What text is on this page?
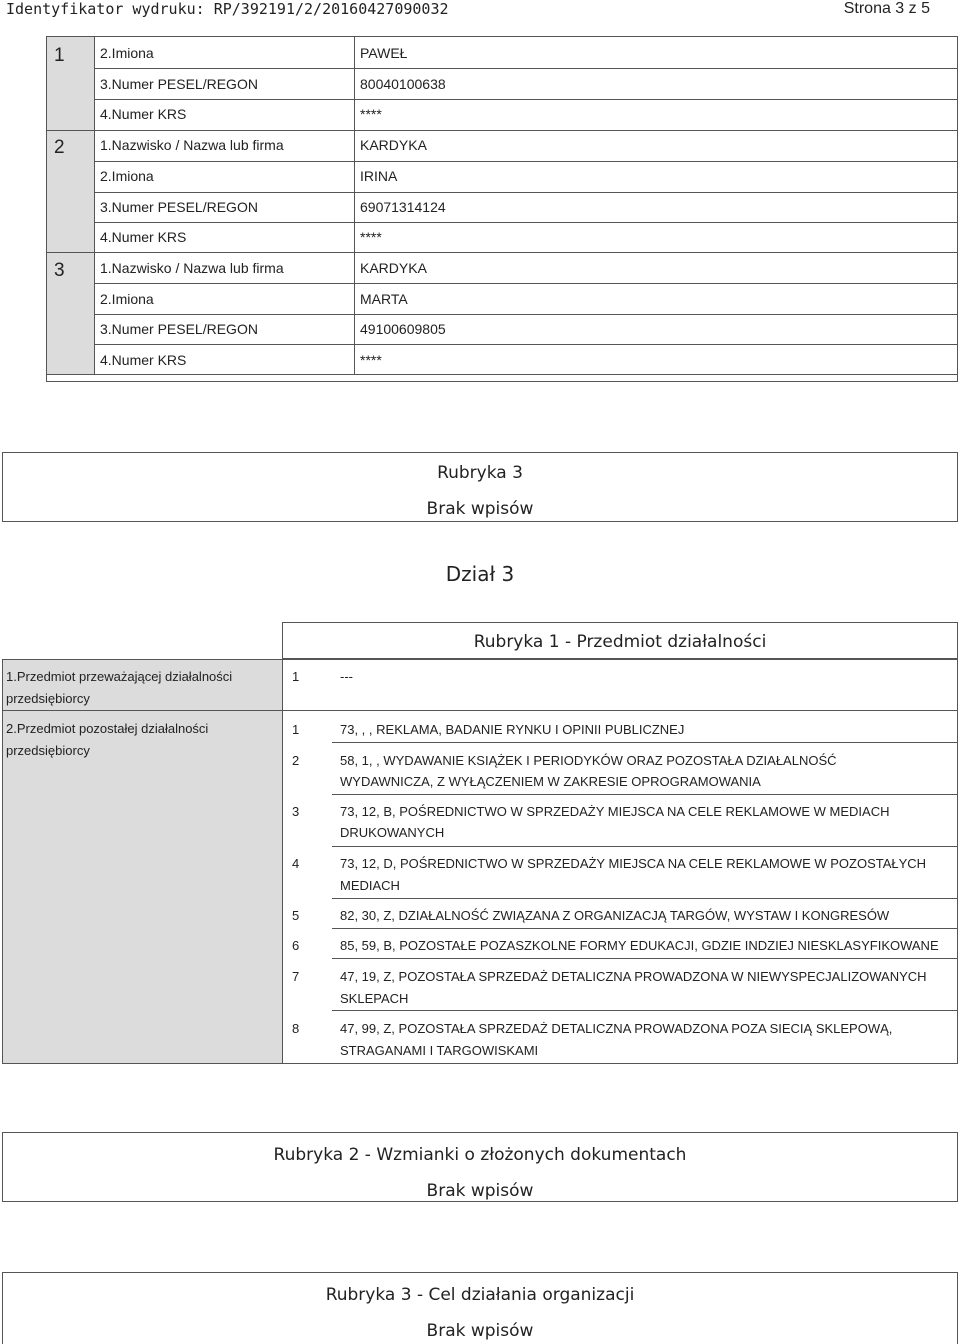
Identyfikator wydruku: RP/392191/2/20160427090032	Strona 3 z 5
1	2.Imiona	PAWEŁ
3.Numer PESEL/REGON	80040100638
4.Numer KRS	****
2	1.Nazwisko / Nazwa lub firma	KARDYKA
2.Imiona	IRINA
3.Numer PESEL/REGON	69071314124
4.Numer KRS	****
3	1.Nazwisko / Nazwa lub firma	KARDYKA
2.Imiona	MARTA
3.Numer PESEL/REGON	49100609805
4.Numer KRS	****
Rubryka 3
Brak wpisów
Dział 3
Rubryka 1 - Przedmiot działalności
1.Przedmiot przeważającej działalności
przedsiębiorcy
1	---
2.Przedmiot pozostałej działalności
przedsiębiorcy
1	73, , , REKLAMA, BADANIE RYNKU I OPINII PUBLICZNEJ
2	58, 1, , WYDAWANIE KSIĄŻEK I PERIODYKÓW ORAZ POZOSTAŁA DZIAŁALNOŚĆ
WYDAWNICZA, Z WYŁĄCZENIEM W ZAKRESIE OPROGRAMOWANIA
3	73, 12, B, POŚREDNICTWO W SPRZEDAŻY MIEJSCA NA CELE REKLAMOWE W MEDIACH
DRUKOWANYCH
4	73, 12, D, POŚREDNICTWO W SPRZEDAŻY MIEJSCA NA CELE REKLAMOWE W POZOSTAŁYCH
MEDIACH
5	82, 30, Z, DZIAŁALNOŚĆ ZWIĄZANA Z ORGANIZACJĄ TARGÓW, WYSTAW I KONGRESÓW
6	85, 59, B, POZOSTAŁE POZASZKOLNE FORMY EDUKACJI, GDZIE INDZIEJ NIESKLASYFIKOWANE
7	47, 19, Z, POZOSTAŁA SPRZEDAŻ DETALICZNA PROWADZONA W NIEWYSPECJALIZOWANYCH
SKLEPACH
8	47, 99, Z, POZOSTAŁA SPRZEDAŻ DETALICZNA PROWADZONA POZA SIECIĄ SKLEPOWĄ,
STRAGANAMI I TARGOWISKAMI
Rubryka 2 - Wzmianki o złożonych dokumentach
Brak wpisów
Rubryka 3 - Cel działania organizacji
Brak wpisów
